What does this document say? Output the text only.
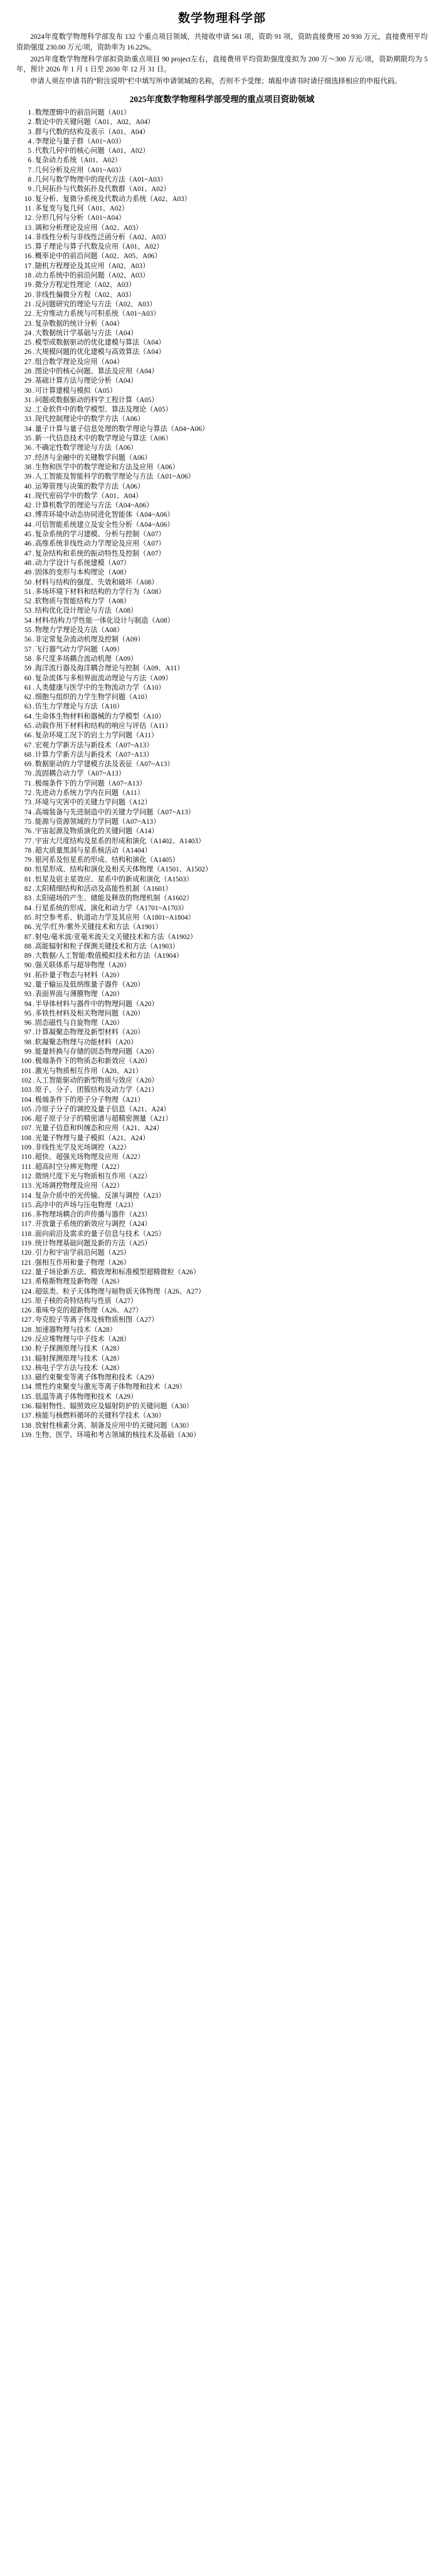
数学物理科学部

2024年度数学物理科学部发布 132 个重点项目领域，共接收申请 561 项，资助 91 项，资助直接费用 20 930 万元，直接费用平均资助强度 230.00 万元/项，资助率为 16.22%。

2025年度数学物理科学部拟资助重点项目 90 project左右，直接费用平均资助强度度拟为 200 万～300 万元/项，资助期限均为 5 年，预计 2026 年 1 月 1 日至 2030 年 12 月 31 日。

申请人须在申请书的“附注说明”栏中填写所申请领域的名称，否则不予受理；填报申请书时请仔细选择相应的申报代码。

2025年度数学物理科学部受理的重点项目资助领域
1 . 数理逻辑中的前沿问题（A01）
2 . 数论中的关键问题（A01、A02、A04）
3 . 群与代数的结构及表示（A01、A04）
4 . 李理论与量子群（A01~A03）
5 . 代数几何中的核心问题（A01、A02）
6 . 复杂动力系统（A01、A02）
7 . 几何分析及应用（A01~A03）
8 . 几何与数学物理中的现代方法（A01~A03）
9 . 几何拓扑与代数拓扑及代数群（A01、A02）
10 . 复分析、复微分系统及代数动力系统（A02、A03）
11 . 多复变与复几何（A01、A02）
12 . 分形几何与分析（A01~A04）
13 . 调和分析理论及应用（A02、A03）
14 . 非线性分析与非线性泛函分析（A02、A03）
15 . 算子理论与算子代数及应用（A01、A02）
16 . 概率论中的前沿问题（A02、A05、A06）
17 . 随机方程理论及其应用（A02、A03）
18 . 动力系统中的前沿问题（A02、A03）
19 . 微分方程定性理论（A02、A03）
20 . 非线性偏微分方程（A02、A03）
21 . 反问题研究的理论与方法（A02、A03）
22 . 无穷维动力系统与可积系统（A01~A03）
23 . 复杂数据的统计分析（A04）
24 . 大数据统计学基础与方法（A04）
25 . 模型或数据驱动的优化建模与算法（A04）
26 . 大规模问题的优化建模与高效算法（A04）
27 . 组合数学理论及应用（A04）
28 . 图论中的核心问题、算法及应用（A04）
29 . 基础计算方法与理论分析（A04）
30 . 可计算建模与模拟（A05）
31 . 问题或数据驱动的科学工程计算（A05）
32 . 工业软件中的数学模型、算法及理论（A05）
33 . 现代控制理论中的数学方法（A06）
34 . 量子计算与量子信息处理的数学理论与算法（A04~A06）
35 . 新一代信息技术中的数学理论与算法（A06）
36 . 不确定性数学理论与方法（A06）
37 . 经济与金融中的关键数学问题（A06）
38 . 生物和医学中的数学理论和方法及应用（A06）
39 . 人工智能及智能科学的数学理论与方法（A01~A06）
40 . 运筹管理与决策的数学方法（A06）
41 . 现代密码学中的数学（A01、A04）
42 . 计算机数学的理论与方法（A04~A06）
43 . 博弈环境中动态协同进化智能体（A04~A06）
44 . 可信智能系统建立及安全性分析（A04~A06）
45 . 复杂系统的学习建模、分析与控制（A07）
46 . 高维系统非线性动力学理论及应用（A07）
47 . 复杂结构和系统的振动特性及控制（A07）
48 . 动力学设计与系统建模（A07）
49 . 固体的变形与本构理论（A08）
50 . 材料与结构的强度、失效和破坏（A08）
51 . 多场环境下材料和结构的力学行为（A08）
52 . 软物质与智能结构力学（A08）
53 . 结构优化设计理论与方法（A08）
54 . 材料/结构力学性能一体化设计与制造（A08）
55 . 物理力学理论及方法（A08）
56 . 非定常复杂流动机理及控制（A09）
57 . 飞行器气动力学问题（A09）
58 . 多尺度多场耦合流动机理（A09）
59 . 海洋流行器及海洋耦合理论与控制（A09、A11）
60 . 复杂流体与多相界面流动理论与方法（A09）
61 . 人类健康与医学中的生物流动力学（A10）
62 . 细胞与组织的力学生物学问题（A10）
63 . 仿生力学理论与方法（A10）
64 . 生命体生物材料和器械的力学模型（A10）
65 . 动载作用下材料和结构的响应与评估（A11）
66 . 复杂环境工况下的岩土力学问题（A11）
67 . 宏观力学新方法与新技术（A07~A13）
68 . 计算力学新方法与新技术（A07~A13）
69 . 数据驱动的力学建模方法及表征（A07~A13）
70 . 流固耦合动力学（A07~A13）
71 . 极端条件下的力学问题（A07~A13）
72 . 先进动力系统力学内在问题（A11）
73 . 环境与灾害中的关键力学问题（A12）
74 . 高端装备与先进制造中的关键力学问题（A07~A13）
75 . 能源与资源领域的力学问题（A07~A13）
76 . 宇宙起源及物质演化的关键问题（A14）
77 . 宇宙大尺度结构及星系的形成和演化（A1402、A1403）
78 . 超大质量黑洞与星系核活动（A1404）
79 . 银河系及恒星系的形成、结构和演化（A1405）
80 . 恒星形成、结构和演化及相关天体物理（A1501、A1502）
81 . 恒星及宿主星效应、星系中的新成和演化（A1503）
82 . 太阳精细结构和活动及高能性机制（A1601）
83 . 太阳磁场的产生、储能及释放的物理机制（A1602）
84 . 行星系统的形成、演化和动力学（A1701~A1703）
85 . 时空参考系、轨道动力学及其应用（A1801~A1804）
86 . 光学/红外/紫外关键技术和方法（A1901）
87 . 射电/毫米波/亚毫米波天文关键技术和方法（A1902）
88 . 高能辐射和粒子探测关键技术和方法（A1903）
89 . 大数据/人工智能/数值模拟技术和方法（A1904）
90 . 强关联体系与超导物理（A20）
91 . 拓扑量子物态与材料（A20）
92 . 量子输运及低纳维量子器件（A20）
93 . 表面界面与薄膜物理（A20）
94 . 半导体材料与器件中的物理问题（A20）
95 . 多铁性材料及相关物理问题（A20）
96 . 固态磁性与自旋物理（A20）
97 . 计算凝聚态物理及新型材料（A20）
98 . 软凝聚态物理与功能材料（A20）
99 . 能量转换与存储的固态物理问题（A20）
100 . 极端条件下的物质态和新效应（A20）
101 . 激光与物质相互作用（A20、A21）
102 . 人工智能驱动的新型物质与效应（A20）
103 . 原子、分子、团簇结构及动力学（A21）
104 . 极端条件下的原子分子物理（A21）
105 . 冷原子分子的调控及量子信息（A21、A24）
106 . 超子原子分子的精密谱与超精密测量（A21）
107 . 光量子信息和纠缠态和应用（A21、A24）
108 . 光量子物理与量子模拟（A21、A24）
109 . 非线性光学及光场调控（A22）
110 . 超快、超强光场物理及应用（A22）
111 . 超高时空分辨光物理（A22）
112 . 微纳尺度下光与物质相互作用（A22）
113 . 光场调控物理及应用（A22）
114 . 复杂介质中的光传输、反演与调控（A23）
115 . 高序中的声场与压电物理（A23）
116 . 多物理场耦合的声传播与器件（A23）
117 . 开放量子系统的新效应与调控（A24）
118 . 面向前沿及需求的量子信息与技术（A25）
119 . 统计物理基础问题及新的方法（A25）
120 . 引力和宇宙学前沿问题（A25）
121 . 强相互作用和量子物理（A26）
122 . 量子场论新方法、精致理和标准模型超精微粒（A26）
123 . 希格斯物理及新物理（A26）
124 . 超弦类、粒子天体物理与暗物质天体物理（A26、A27）
125 . 原子核的奇特结构与性质（A27）
126 . 重味夸克的超新物理（A26、A27）
127 . 夸克胶子等离子体及核物质相图（A27）
128 . 加速器物理与技术（A28）
129 . 反应堆物理与中子技术（A28）
130 . 粒子探测原理与技术（A28）
131 . 辐射探测原理与技术（A28）
132 . 核电子学方法与技术（A28）
133 . 磁约束聚变等离子体物理和技术（A29）
134 . 惯性约束聚变与激光等离子体物理和技术（A29）
135 . 低温等离子体物理和技术（A29）
136 . 辐射物性、辐照效应及辐射防护的关键问题（A30）
137 . 核能与核燃料循环的关键科学技术（A30）
138 . 放射性核素分离、制备及应用中的关键问题（A30）
139 . 生物、医学、环境和考古领域的核技术及基础（A30）
